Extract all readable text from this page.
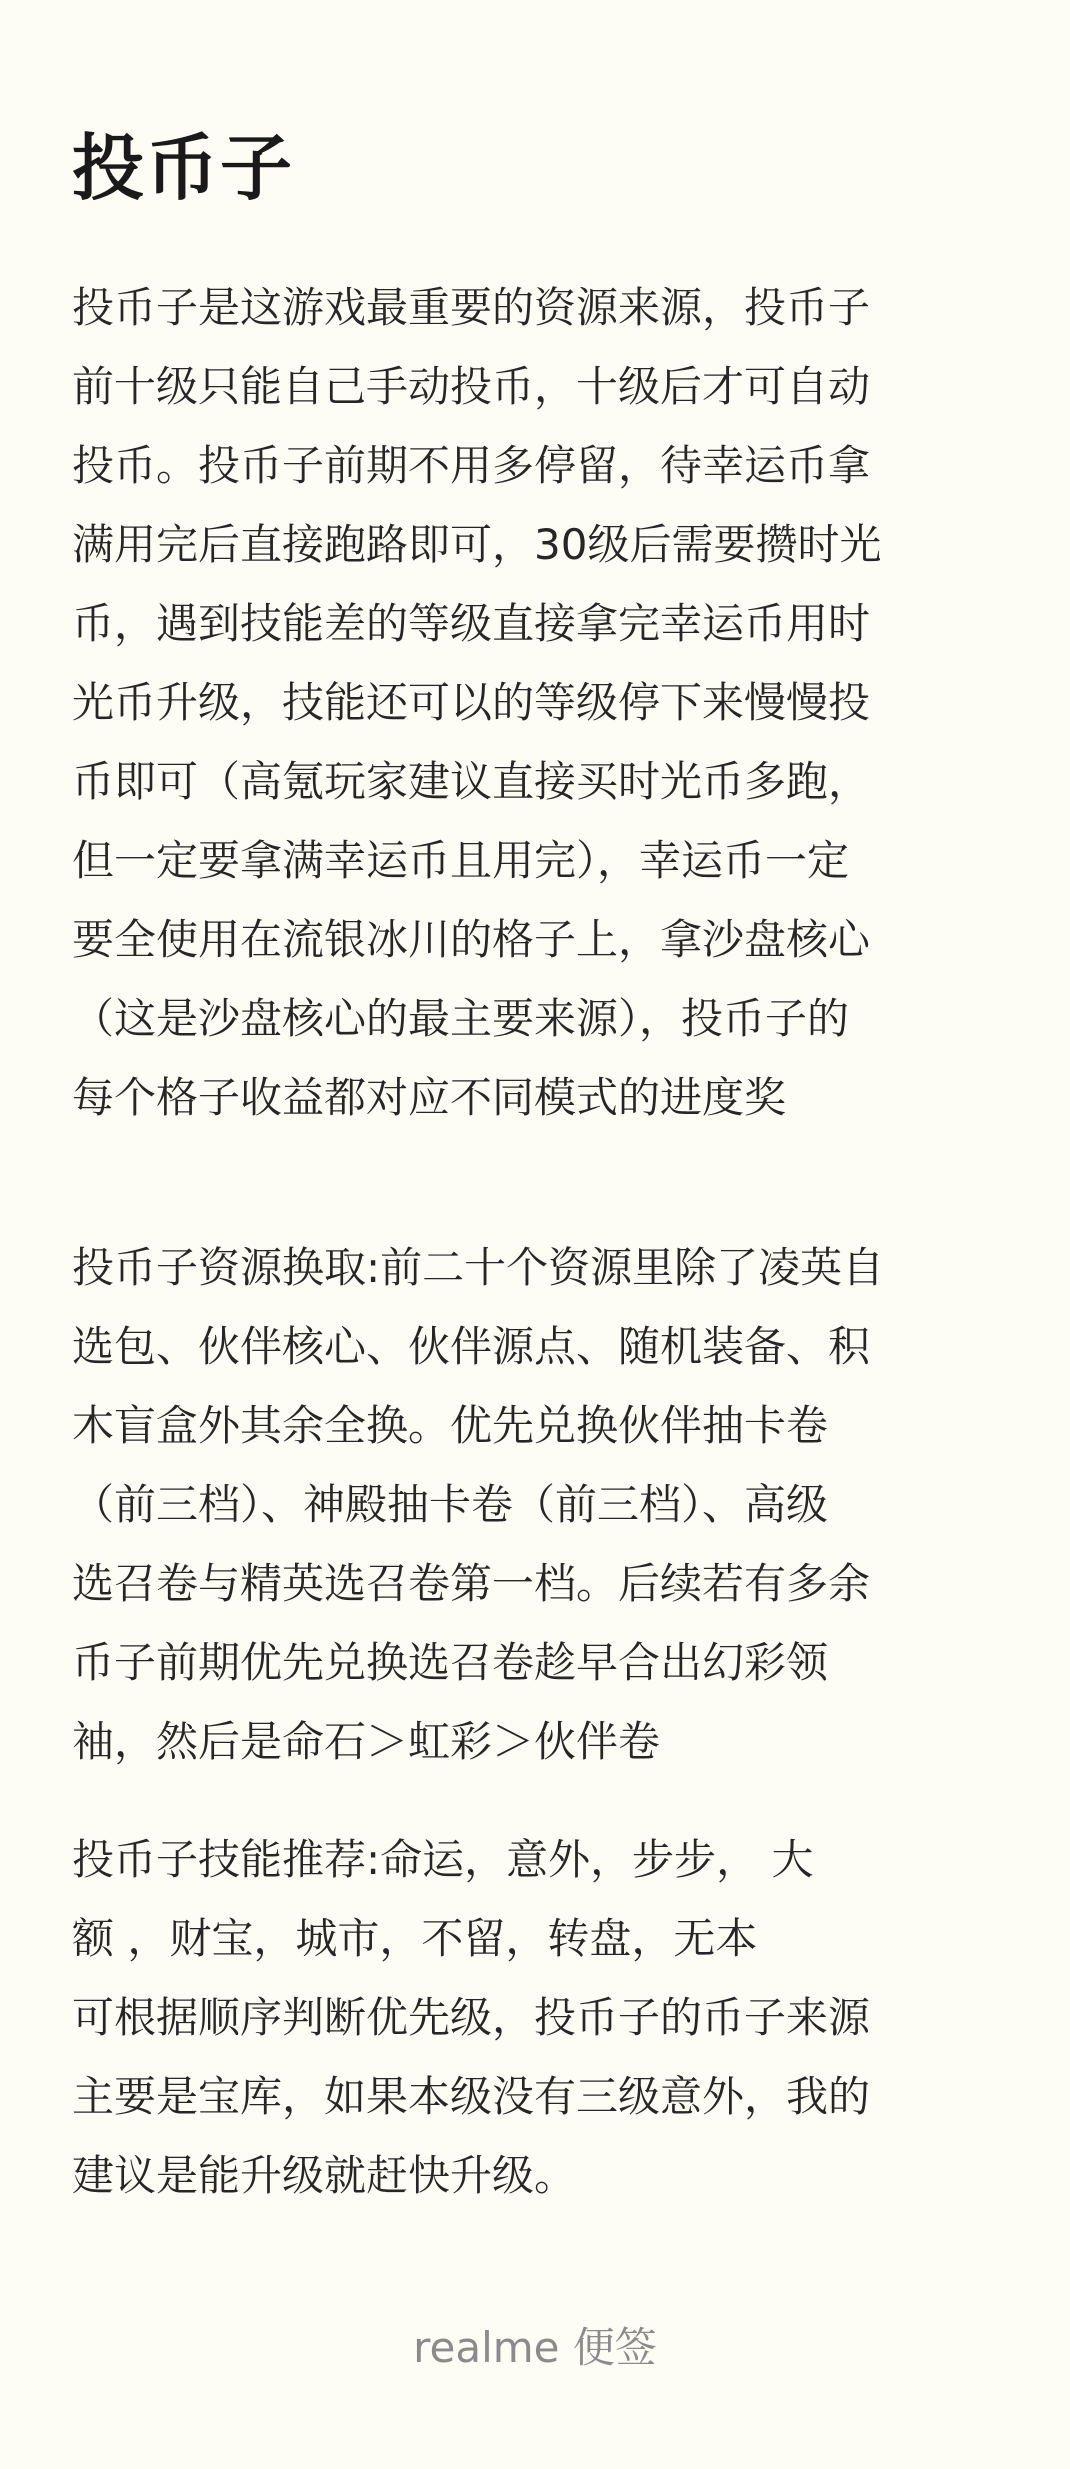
投币子

投币子是这游戏最重要的资源来源，投币子
前十级只能自己手动投币，十级后才可自动
投币。投币子前期不用多停留，待幸运币拿
满用完后直接跑路即可，30级后需要攒时光
币，遇到技能差的等级直接拿完幸运币用时
光币升级，技能还可以的等级停下来慢慢投
币即可（高氪玩家建议直接买时光币多跑，
但一定要拿满幸运币且用完），幸运币一定
要全使用在流银冰川的格子上，拿沙盘核心
（这是沙盘核心的最主要来源），投币子的
每个格子收益都对应不同模式的进度奖

投币子资源换取:前二十个资源里除了凌英自
选包、伙伴核心、伙伴源点、随机装备、积
木盲盒外其余全换。优先兑换伙伴抽卡卷
（前三档）、神殿抽卡卷（前三档）、高级
选召卷与精英选召卷第一档。后续若有多余
币子前期优先兑换选召卷趁早合出幻彩领
袖，然后是命石＞虹彩＞伙伴卷

投币子技能推荐:命运，意外，步步， 大
额 ，财宝，城市，不留，转盘，无本
可根据顺序判断优先级，投币子的币子来源
主要是宝库，如果本级没有三级意外，我的
建议是能升级就赶快升级。

realme 便签
